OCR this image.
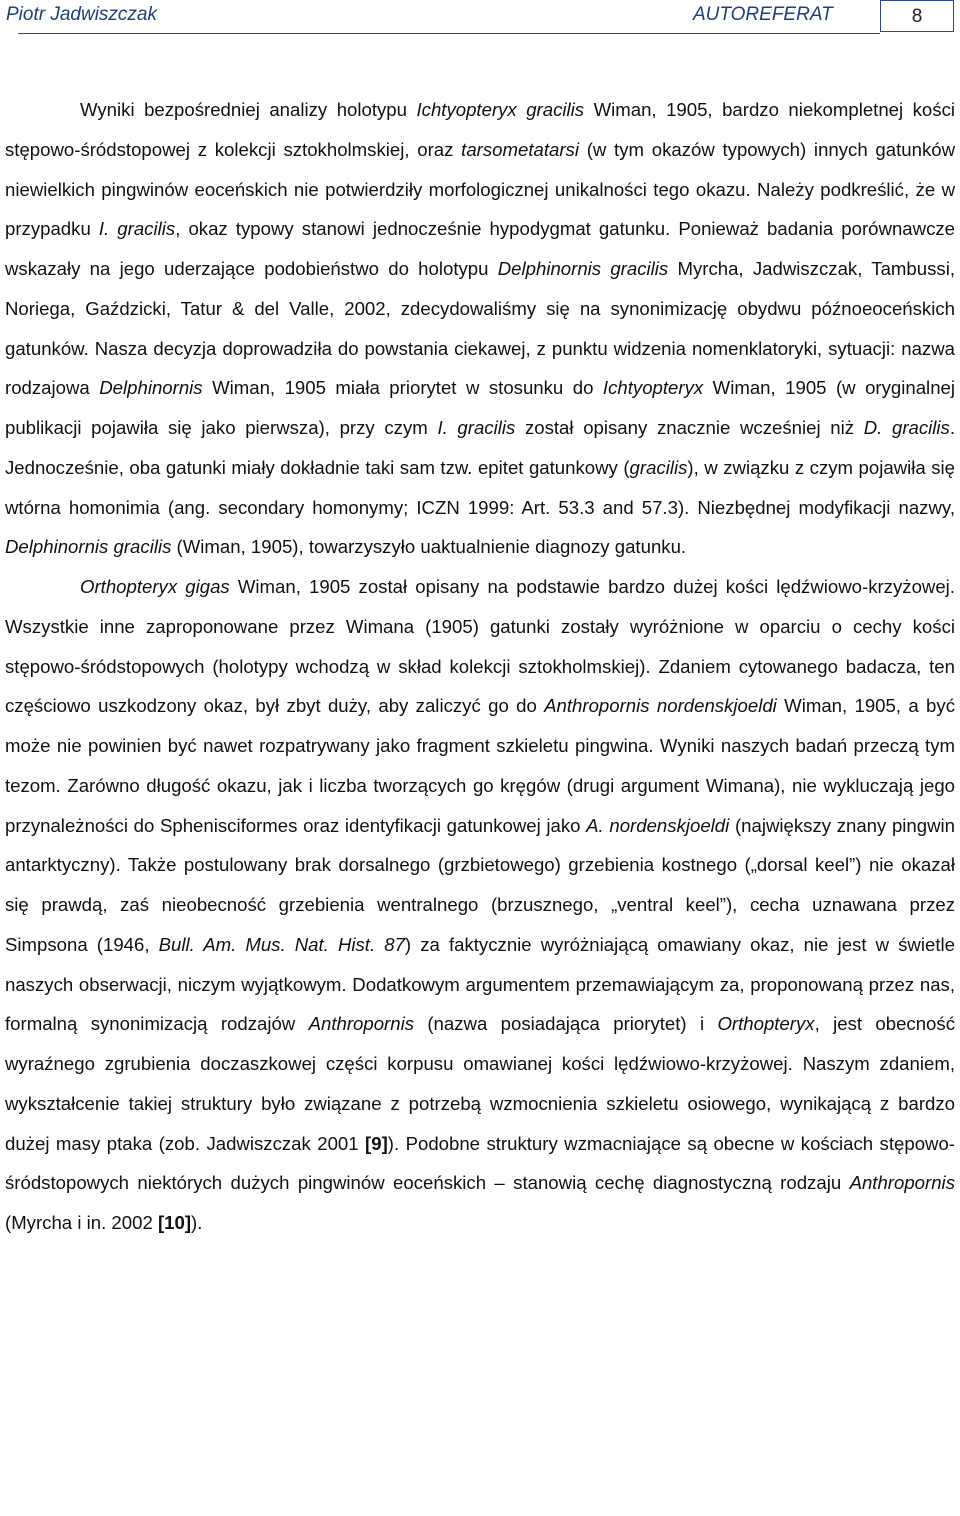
Piotr Jadwiszczak	AUTOREFERAT	8

Wyniki bezpośredniej analizy holotypu Ichtyopteryx gracilis Wiman, 1905, bardzo niekompletnej kości stępowo-śródstopowej z kolekcji sztokholmskiej, oraz tarsometatarsi (w tym okazów typowych) innych gatunków niewielkich pingwinów eoceńskich nie potwierdziły morfologicznej unikalności tego okazu. Należy podkreślić, że w przypadku I. gracilis, okaz typowy stanowi jednocześnie hypodygmat gatunku. Ponieważ badania porównawcze wskazały na jego uderzające podobieństwo do holotypu Delphinornis gracilis Myrcha, Jadwiszczak, Tambussi, Noriega, Gaździcki, Tatur & del Valle, 2002, zdecydowaliśmy się na synonimizację obydwu późnoeoceńskich gatunków. Nasza decyzja doprowadziła do powstania ciekawej, z punktu widzenia nomenklatoryki, sytuacji: nazwa rodzajowa Delphinornis Wiman, 1905 miała priorytet w stosunku do Ichtyopteryx Wiman, 1905 (w oryginalnej publikacji pojawiła się jako pierwsza), przy czym I. gracilis został opisany znacznie wcześniej niż D. gracilis. Jednocześnie, oba gatunki miały dokładnie taki sam tzw. epitet gatunkowy (gracilis), w związku z czym pojawiła się wtórna homonimia (ang. secondary homonymy; ICZN 1999: Art. 53.3 and 57.3). Niezbędnej modyfikacji nazwy, Delphinornis gracilis (Wiman, 1905), towarzyszyło uaktualnienie diagnozy gatunku.

Orthopteryx gigas Wiman, 1905 został opisany na podstawie bardzo dużej kości lędźwiowo-krzyżowej. Wszystkie inne zaproponowane przez Wimana (1905) gatunki zostały wyróżnione w oparciu o cechy kości stępowo-śródstopowych (holotypy wchodzą w skład kolekcji sztokholmskiej). Zdaniem cytowanego badacza, ten częściowo uszkodzony okaz, był zbyt duży, aby zaliczyć go do Anthropornis nordenskjoeldi Wiman, 1905, a być może nie powinien być nawet rozpatrywany jako fragment szkieletu pingwina. Wyniki naszych badań przeczą tym tezom. Zarówno długość okazu, jak i liczba tworzących go kręgów (drugi argument Wimana), nie wykluczają jego przynależności do Sphenisciformes oraz identyfikacji gatunkowej jako A. nordenskjoeldi (największy znany pingwin antarktyczny). Także postulowany brak dorsalnego (grzbietowego) grzebienia kostnego („dorsal keel”) nie okazał się prawdą, zaś nieobecność grzebienia wentralnego (brzusznego, „ventral keel”), cecha uznawana przez Simpsona (1946, Bull. Am. Mus. Nat. Hist. 87) za faktycznie wyróżniającą omawiany okaz, nie jest w świetle naszych obserwacji, niczym wyjątkowym. Dodatkowym argumentem przemawiającym za, proponowaną przez nas, formalną synonimizacją rodzajów Anthropornis (nazwa posiadająca priorytet) i Orthopteryx, jest obecność wyraźnego zgrubienia doczaszkowej części korpusu omawianej kości lędźwiowo-krzyżowej. Naszym zdaniem, wykształcenie takiej struktury było związane z potrzebą wzmocnienia szkieletu osiowego, wynikającą z bardzo dużej masy ptaka (zob. Jadwiszczak 2001 [9]). Podobne struktury wzmacniające są obecne w kościach stępowo-śródstopowych niektórych dużych pingwinów eoceńskich – stanowią cechę diagnostyczną rodzaju Anthropornis (Myrcha i in. 2002 [10]).
